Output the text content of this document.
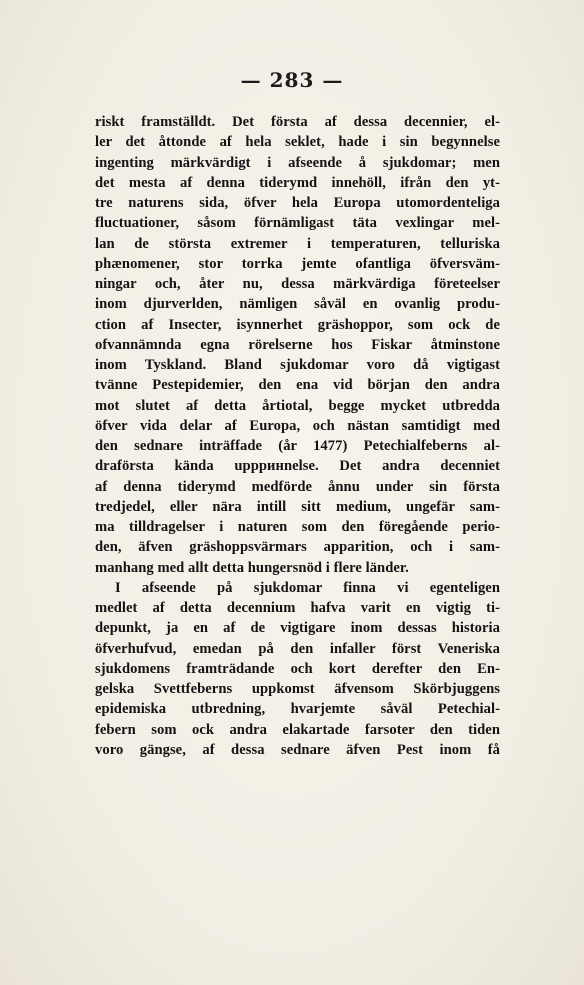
— 283 —
riskt framställdt. Det första af dessa decennier, el-
ler det åttonde af hela seklet, hade i sin begynnelse
ingenting märkvärdigt i afseende å sjukdomar; men
det mesta af denna tiderymd innehöll, ifrån den yt-
tre naturens sida, öfver hela Europa utomordenteliga
fluctuationer, såsom förnämligast täta vexlingar mel-
lan de största extremer i temperaturen, telluriska
phænomener, stor torrka jemte ofantliga öfversväm-
ningar och, åter nu, dessa märkvärdiga företeelser
inom djurverlden, nämligen såväl en ovanlig produ-
ction af Insecter, isynnerhet gräshoppor, som ock de
ofvannämnda egna rörelserne hos Fiskar åtminstone
inom Tyskland. Bland sjukdomar voro då vigtigast
tvänne Pestepidemier, den ena vid början den andra
mot slutet af detta årtiotal, begge mycket utbredda
öfver vida delar af Europa, och nästan samtidigt med
den sednare inträffade (år 1477) Petechialfeberns al-
draförsta kända uppринnelse. Det andra decenniet
af denna tiderymd medförde ånnu under sin första
tredjedel, eller nära intill sitt medium, ungefär sam-
ma tilldragelser i naturen som den föregående perio-
den, äfven gräshoppsvärmars apparition, och i sam-
manhang med allt detta hungersnöd i flere länder.
I afseende på sjukdomar finna vi egenteligen
medlet af detta decennium hafva varit en vigtig ti-
depunkt, ja en af de vigtigare inom dessas historia
öfverhufvud, emedan på den infaller först Veneriska
sjukdomens framträdande och kort derefter den En-
gelska Svettfeberns uppkomst äfvensom Skörbjuggens
epidemiska utbredning, hvarjemte såväl Petechial-
febern som ock andra elakartade farsoter den tiden
voro gängse, af dessa sednare äfven Pest inom få
